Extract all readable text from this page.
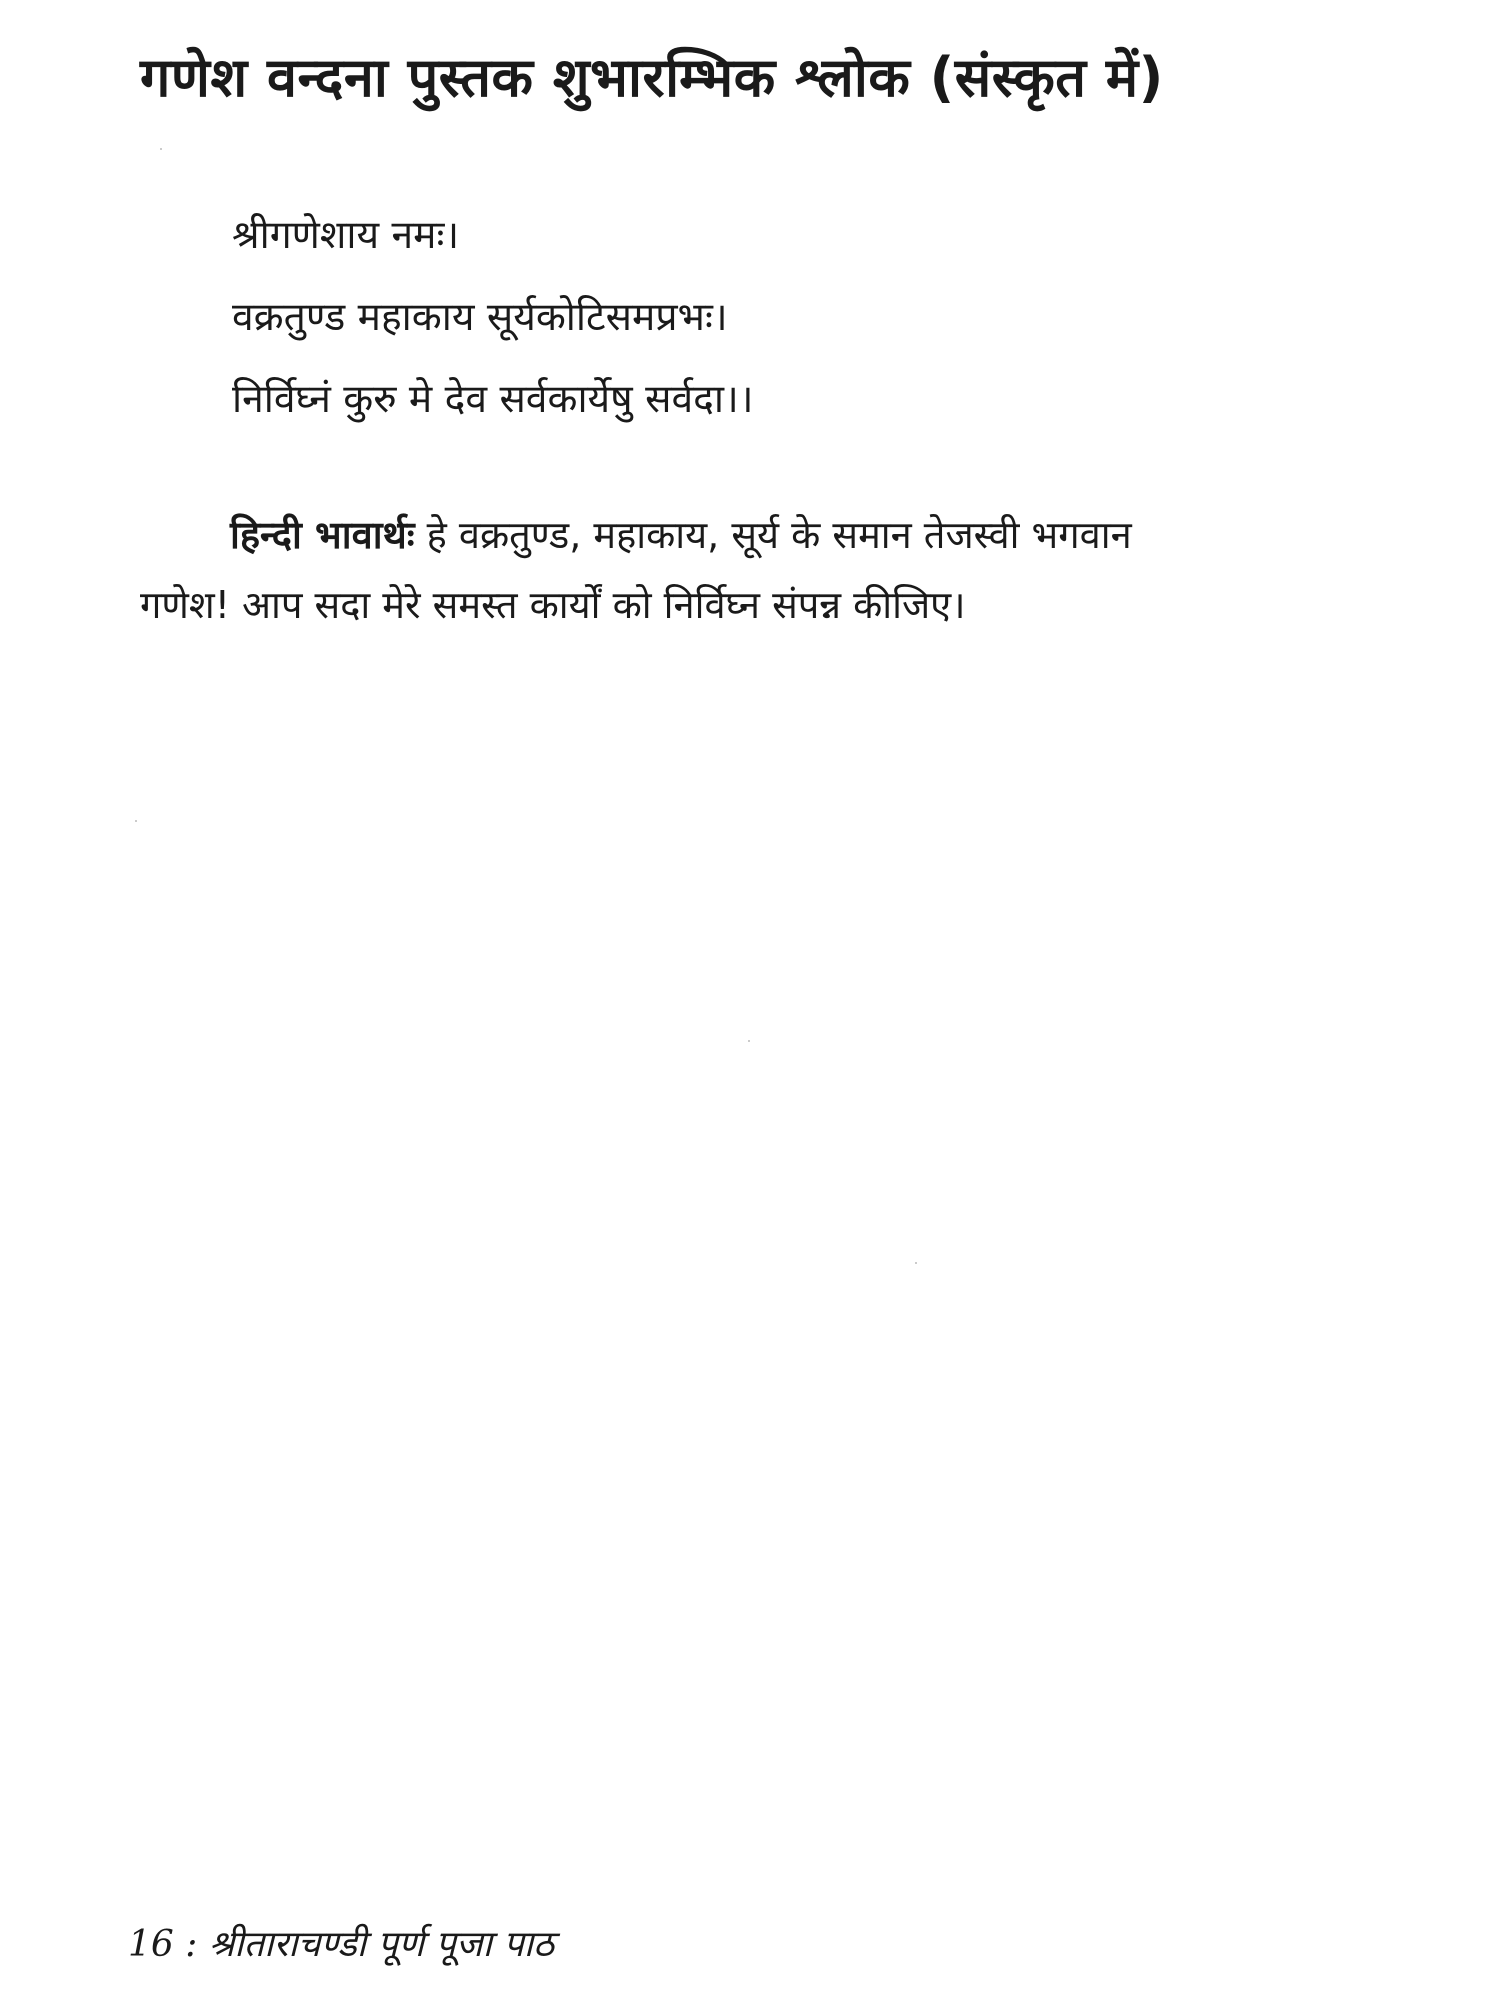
गणेश वन्दना पुस्तक शुभारम्भिक श्लोक (संस्कृत में)
श्रीगणेशाय नमः।
वक्रतुण्ड महाकाय सूर्यकोटिसमप्रभः।
निर्विघ्नं कुरु मे देव सर्वकार्येषु सर्वदा।।
हिन्दी भावार्थः हे वक्रतुण्ड, महाकाय, सूर्य के समान तेजस्वी भगवान
गणेश! आप सदा मेरे समस्त कार्यों को निर्विघ्न संपन्न कीजिए।
16 : श्रीताराचण्डी पूर्ण पूजा पाठ
